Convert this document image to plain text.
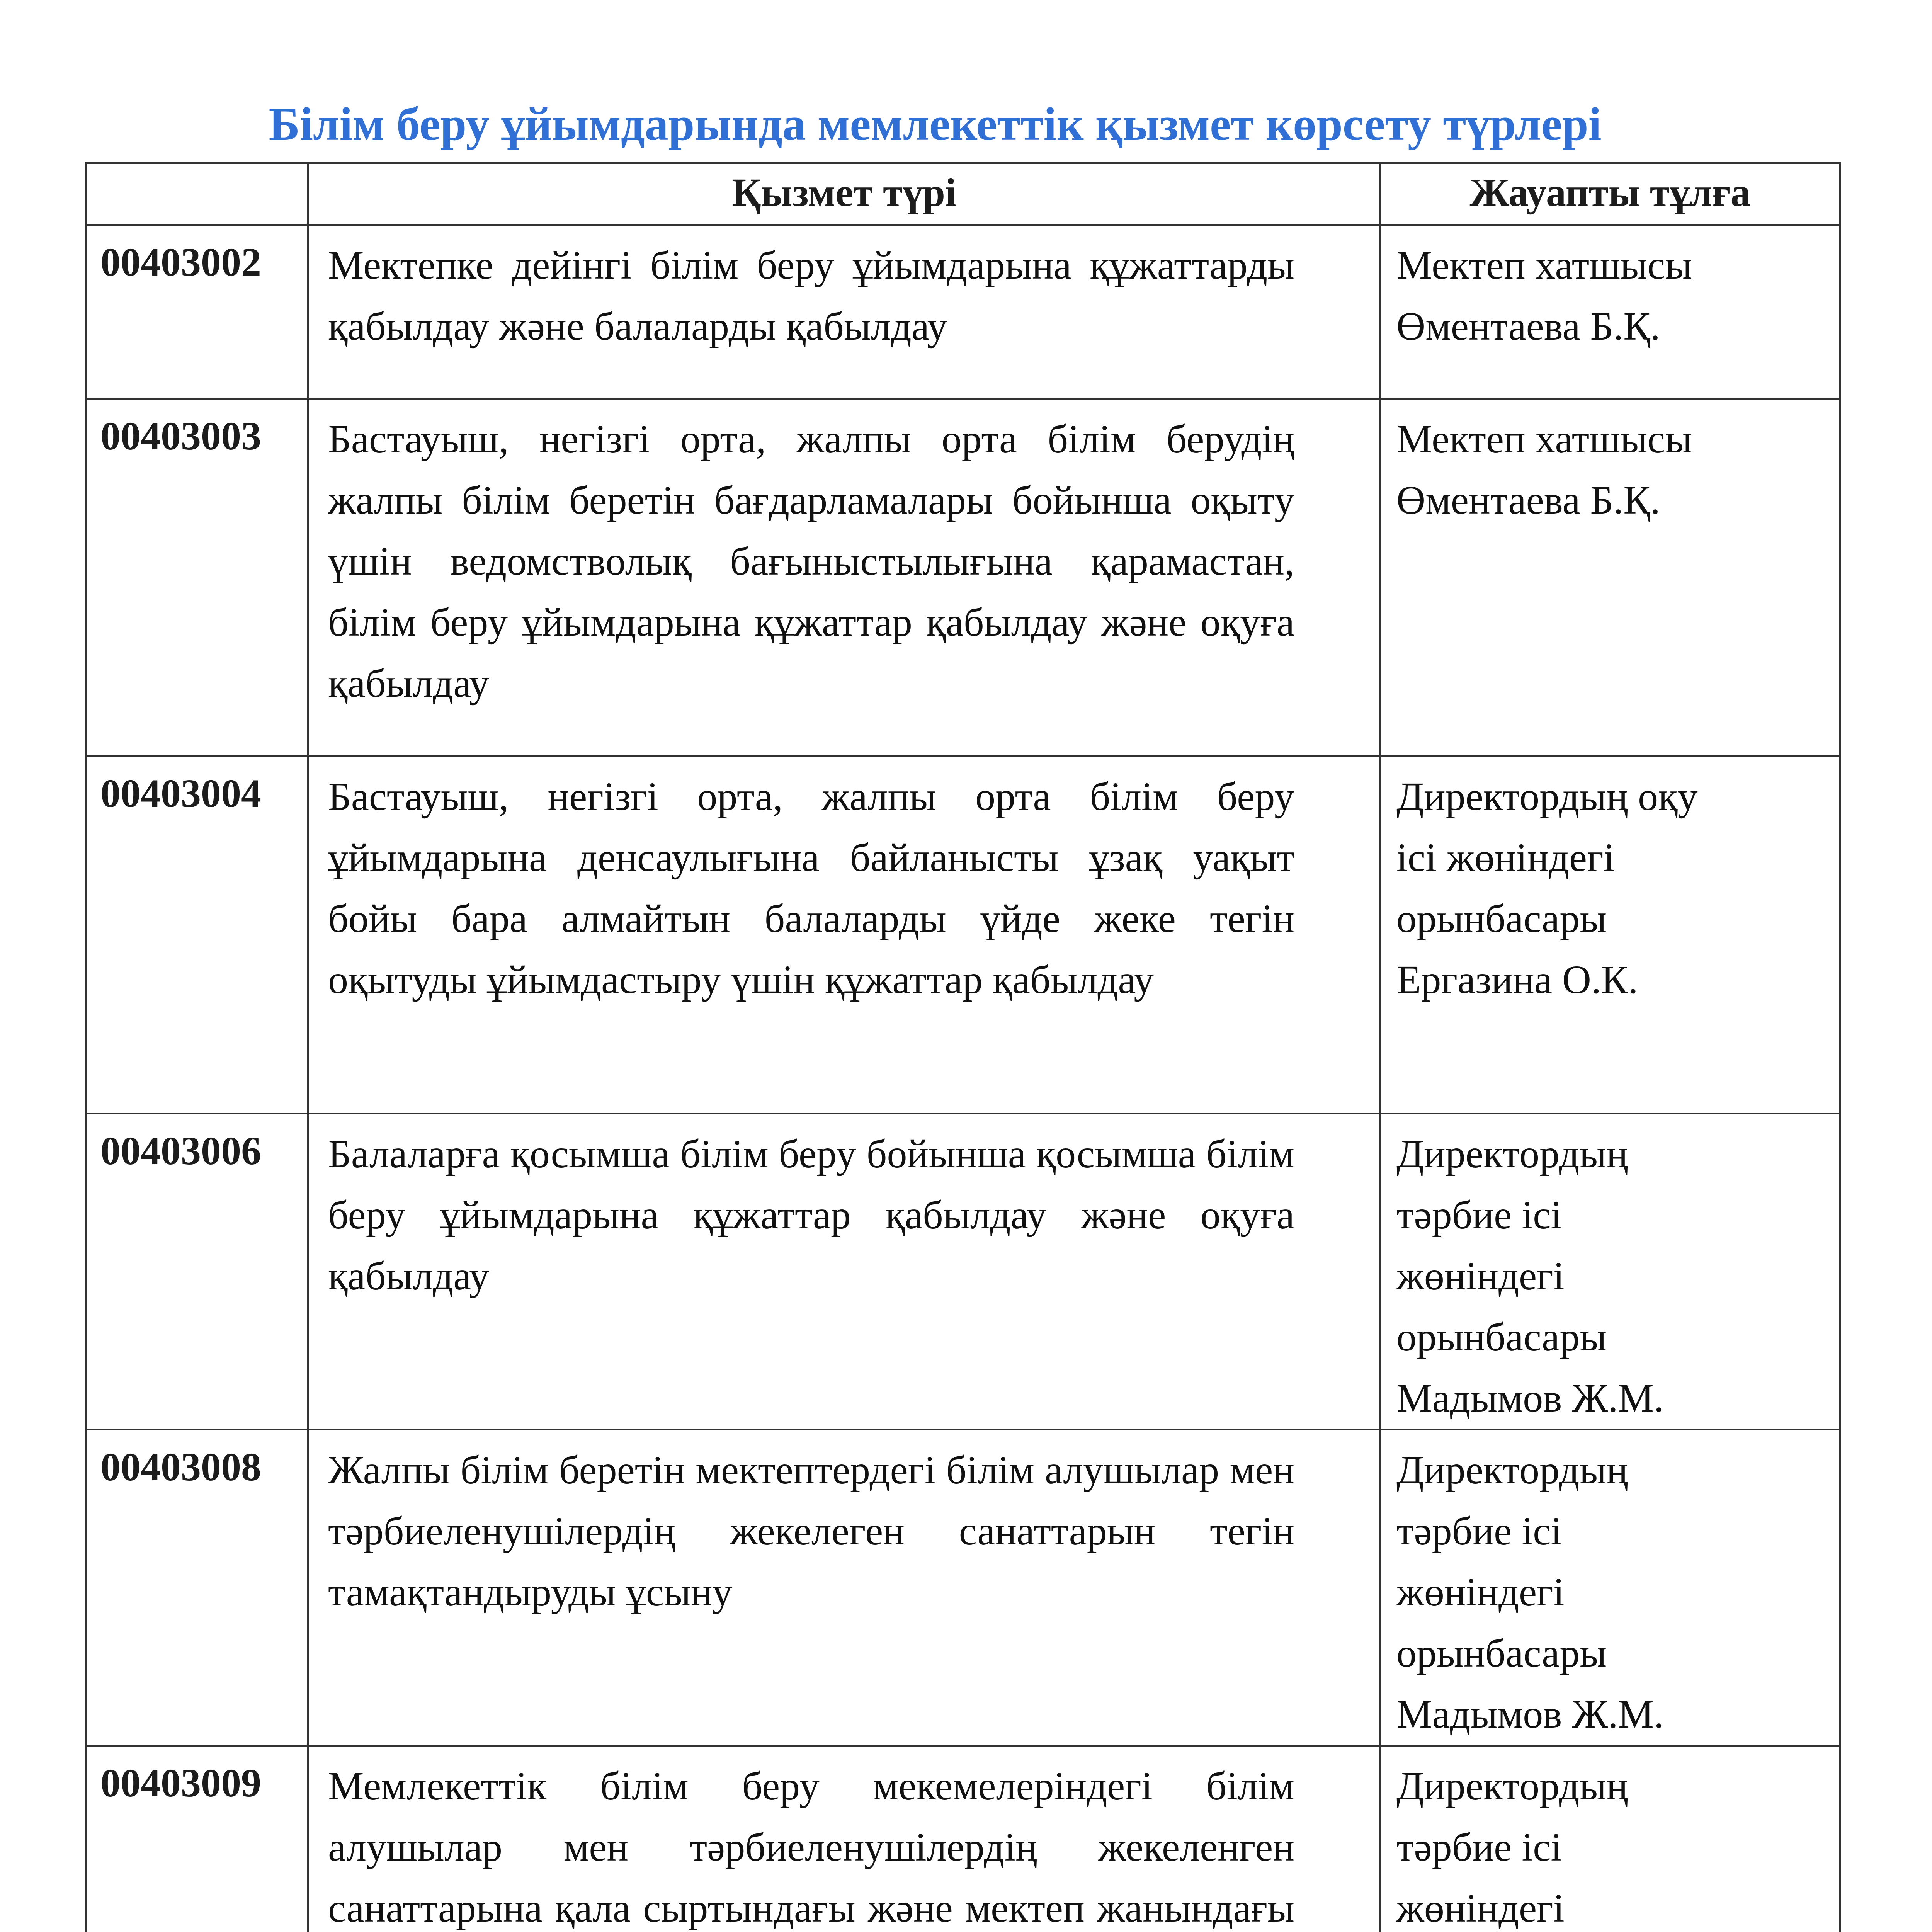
Білім беру ұйымдарында мемлекеттік қызмет көрсету түрлері
	Қызмет түрі	Жауапты тұлға
00403002	Мектепке дейінгі білім беру ұйымдарына құжаттарды қабылдау және балаларды қабылдау	Мектеп хатшысы
Өментаева Б.Қ.

00403003	Бастауыш, негізгі орта, жалпы орта білім берудің жалпы білім беретін бағдарламалары бойынша оқыту үшін ведомстволық бағыныстылығына қарамастан, білім беру ұйымдарына құжаттар қабылдау және оқуға қабылдау	Мектеп хатшысы
Өментаева Б.Қ.

00403004	Бастауыш, негізгі орта, жалпы орта білім беру ұйымдарына денсаулығына байланысты ұзақ уақыт бойы бара алмайтын балаларды үйде жеке тегін оқытуды ұйымдастыру үшін құжаттар қабылдау	Директордың оқу
ісі жөніндегі
орынбасары
Ергазина О.К.

00403006	Балаларға қосымша білім беру бойынша қосымша білім беру ұйымдарына құжаттар қабылдау және оқуға қабылдау	Директордың
тәрбие ісі
жөніндегі
орынбасары
Мадымов Ж.М.

00403008	Жалпы білім беретін мектептердегі білім алушылар мен тәрбиеленушілердің жекелеген санаттарын тегін тамақтандыруды ұсыну	Директордың
тәрбие ісі
жөніндегі
орынбасары
Мадымов Ж.М.

00403009	Мемлекеттік білім беру мекемелеріндегі білім алушылар мен тәрбиеленушілердің жекеленген санаттарына қала сыртындағы және мектеп жанындағы	Директордың
тәрбие ісі
жөніндегі
